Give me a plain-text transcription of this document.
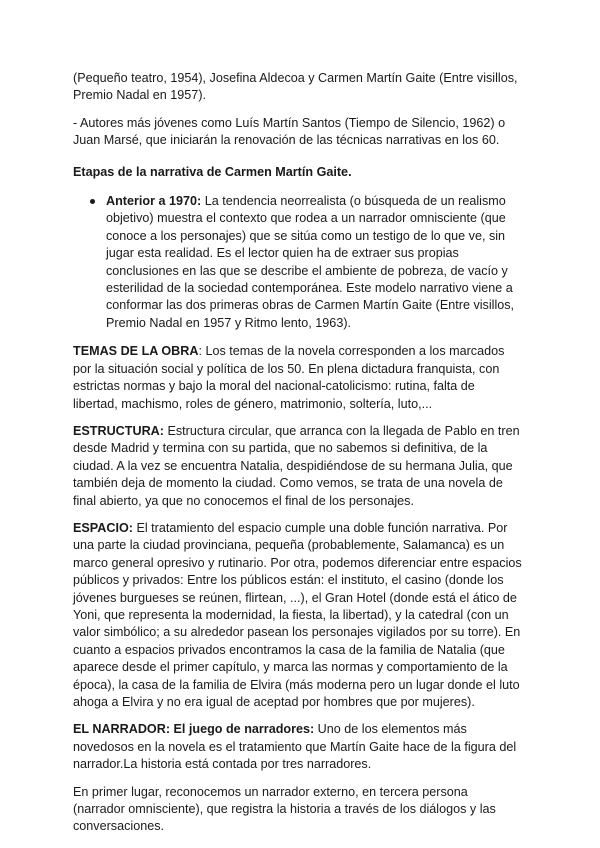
(Pequeño teatro, 1954), Josefina Aldecoa y Carmen Martín Gaite (Entre visillos, Premio Nadal en 1957).

- Autores más jóvenes como Luís Martín Santos (Tiempo de Silencio, 1962) o Juan Marsé, que iniciarán la renovación de las técnicas narrativas en los 60.

Etapas de la narrativa de Carmen Martín Gaite.

Anterior a 1970: La tendencia neorrealista (o búsqueda de un realismo objetivo) muestra el contexto que rodea a un narrador omnisciente (que conoce a los personajes) que se sitúa como un testigo de lo que ve, sin jugar esta realidad. Es el lector quien ha de extraer sus propias conclusiones en las que se describe el ambiente de pobreza, de vacío y esterilidad de la sociedad contemporánea. Este modelo narrativo viene a conformar las dos primeras obras de Carmen Martín Gaite (Entre visillos, Premio Nadal en 1957 y Ritmo lento, 1963).

TEMAS DE LA OBRA: Los temas de la novela corresponden a los marcados por la situación social y política de los 50. En plena dictadura franquista, con estrictas normas y bajo la moral del nacional-catolicismo: rutina, falta de libertad, machismo, roles de género, matrimonio, soltería, luto,...

ESTRUCTURA: Estructura circular, que arranca con la llegada de Pablo en tren desde Madrid y termina con su partida, que no sabemos si definitiva, de la ciudad. A la vez se encuentra Natalia, despidiéndose de su hermana Julia, que también deja de momento la ciudad. Como vemos, se trata de una novela de final abierto, ya que no conocemos el final de los personajes.

ESPACIO: El tratamiento del espacio cumple una doble función narrativa. Por una parte la ciudad provinciana, pequeña (probablemente, Salamanca) es un marco general opresivo y rutinario. Por otra, podemos diferenciar entre espacios públicos y privados: Entre los públicos están: el instituto, el casino (donde los jóvenes burgueses se reúnen, flirtean, ...), el Gran Hotel (donde está el ático de Yoni, que representa la modernidad, la fiesta, la libertad), y la catedral (con un valor simbólico; a su alrededor pasean los personajes vigilados por su torre). En cuanto a espacios privados encontramos la casa de la familia de Natalia (que aparece desde el primer capítulo, y marca las normas y comportamiento de la época), la casa de la familia de Elvira (más moderna pero un lugar donde el luto ahoga a Elvira y no era igual de aceptad por hombres que por mujeres).

EL NARRADOR: El juego de narradores: Uno de los elementos más novedosos en la novela es el tratamiento que Martín Gaite hace de la figura del narrador.La historia está contada por tres narradores.

En primer lugar, reconocemos un narrador externo, en tercera persona (narrador omnisciente), que registra la historia a través de los diálogos y las conversaciones.
